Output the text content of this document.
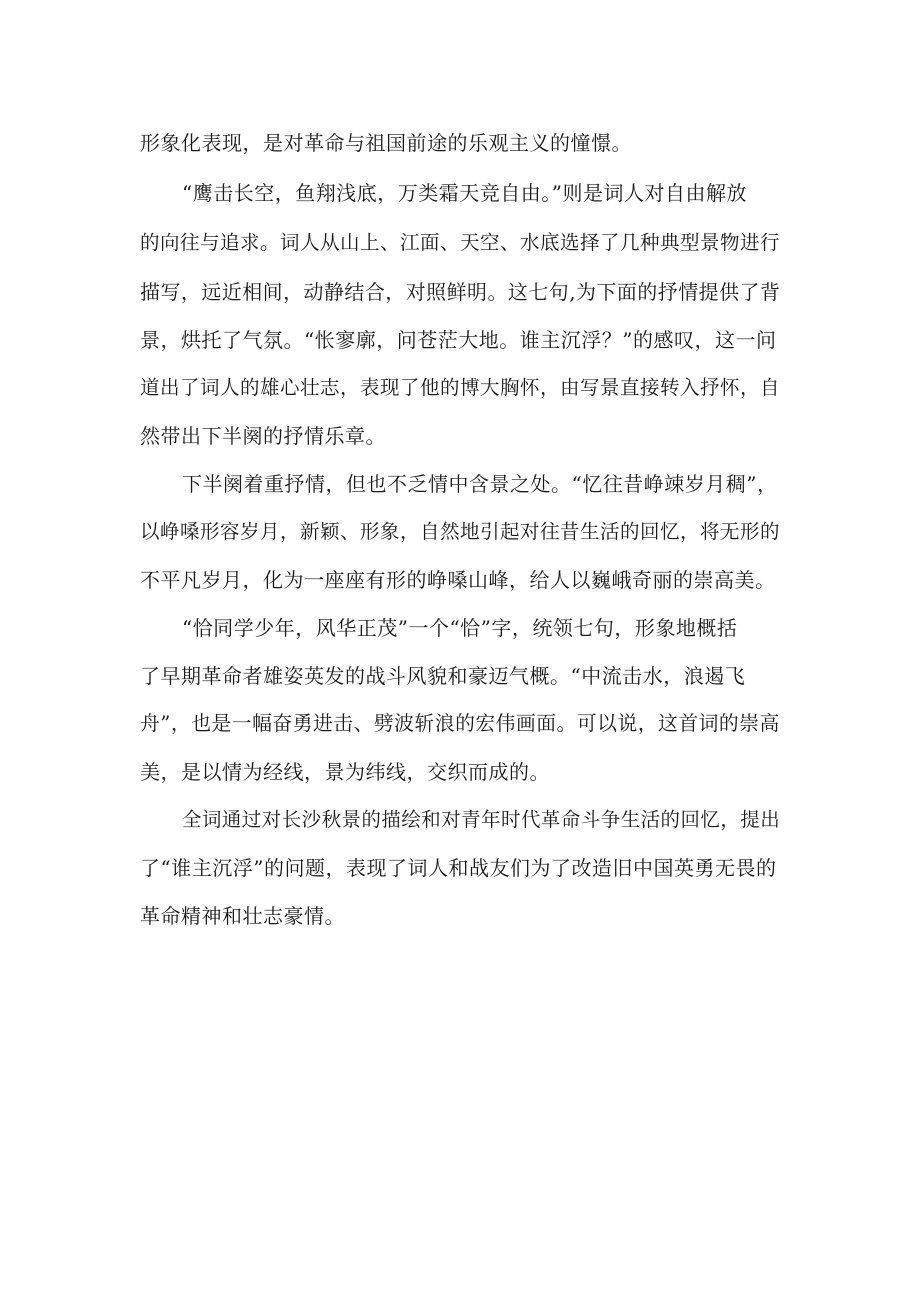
形象化表现，是对革命与祖国前途的乐观主义的憧憬。
“鹰击长空，鱼翔浅底，万类霜天竞自由。”则是词人对自由解放
的向往与追求。词人从山上、江面、天空、水底选择了几种典型景物进行
描写，远近相间，动静结合，对照鲜明。这七句,为下面的抒情提供了背
景，烘托了气氛。“怅寥廓，问苍茫大地。谁主沉浮？”的感叹，这一问
道出了词人的雄心壮志，表现了他的博大胸怀，由写景直接转入抒怀，自
然带出下半阕的抒情乐章。
下半阕着重抒情，但也不乏情中含景之处。“忆往昔峥竦岁月稠”，
以峥嗓形容岁月，新颖、形象，自然地引起对往昔生活的回忆，将无形的
不平凡岁月，化为一座座有形的峥嗓山峰，给人以巍峨奇丽的崇高美。
“恰同学少年，风华正茂”一个“恰”字，统领七句，形象地概括
了早期革命者雄姿英发的战斗风貌和豪迈气概。“中流击水，浪遏飞
舟”，也是一幅奋勇进击、劈波斩浪的宏伟画面。可以说，这首词的崇高
美，是以情为经线，景为纬线，交织而成的。
全词通过对长沙秋景的描绘和对青年时代革命斗争生活的回忆，提出
了“谁主沉浮”的问题，表现了词人和战友们为了改造旧中国英勇无畏的
革命精神和壮志豪情。
